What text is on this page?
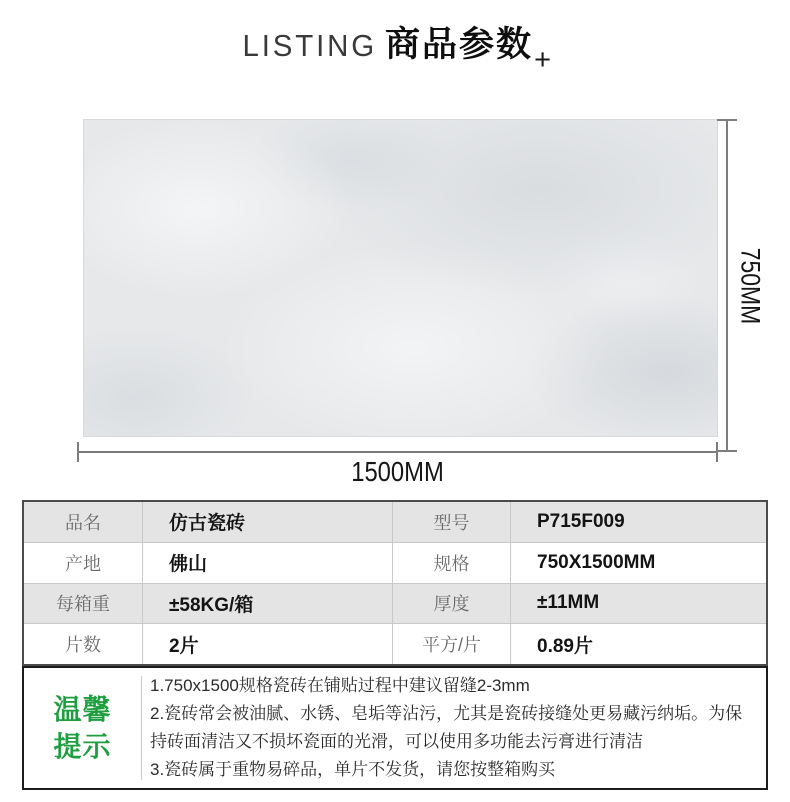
LISTING 商品参数+
750MM
1500MM
品名	仿古瓷砖	型号	P715F009
产地	佛山	规格	750X1500MM
每箱重	±58KG/箱	厚度	±11MM
片数	2片	平方/片	0.89片
温馨
提示
1.750x1500规格瓷砖在铺贴过程中建议留缝2-3mm
2.瓷砖常会被油腻、水锈、皂垢等沾污，尤其是瓷砖接缝处更易藏污纳垢。为保持砖面清洁又不损坏瓷面的光滑，可以使用多功能去污膏进行清洁
3.瓷砖属于重物易碎品，单片不发货，请您按整箱购买
